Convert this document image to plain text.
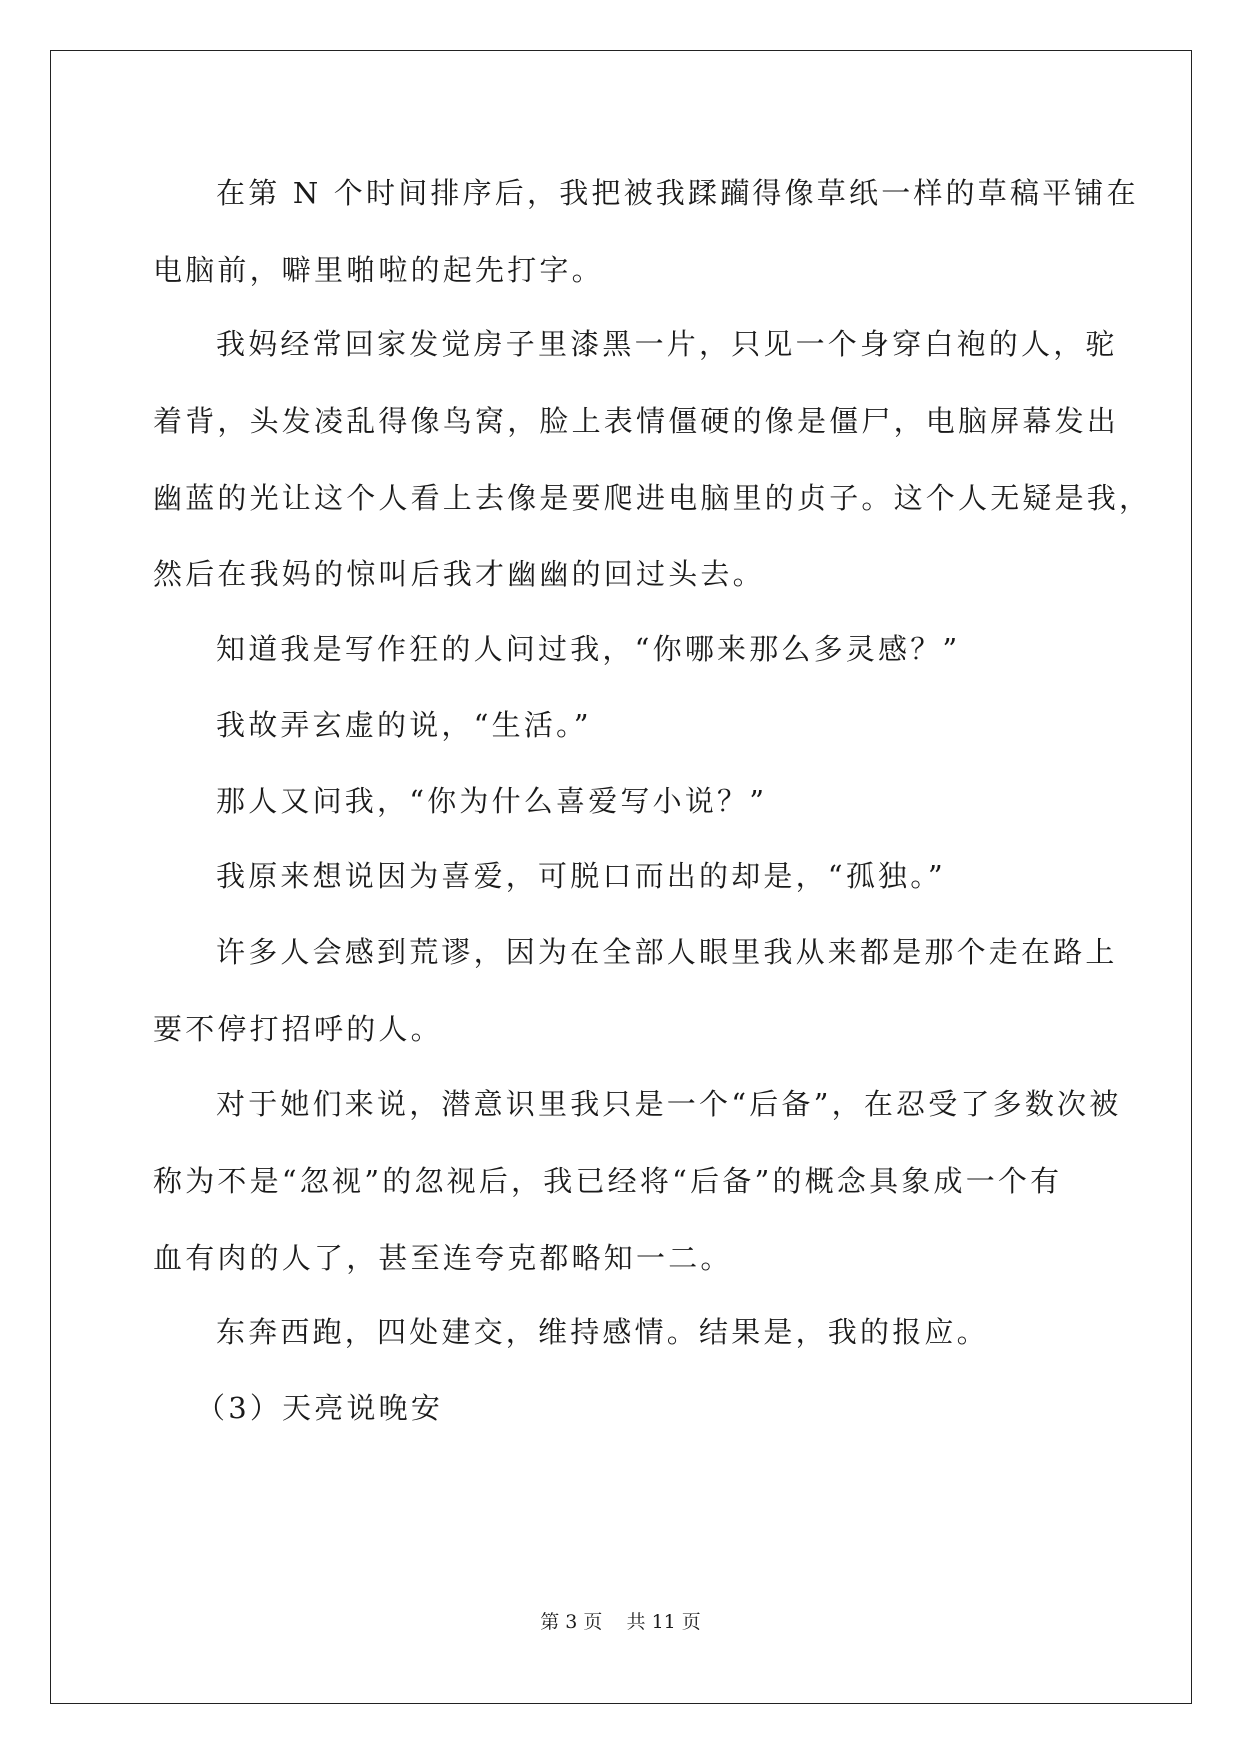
在第 N 个时间排序后，我把被我蹂躏得像草纸一样的草稿平铺在
电脑前，噼里啪啦的起先打字。
我妈经常回家发觉房子里漆黑一片，只见一个身穿白袍的人，驼
着背，头发凌乱得像鸟窝，脸上表情僵硬的像是僵尸，电脑屏幕发出
幽蓝的光让这个人看上去像是要爬进电脑里的贞子。这个人无疑是我，
然后在我妈的惊叫后我才幽幽的回过头去。
知道我是写作狂的人问过我，“你哪来那么多灵感？”
我故弄玄虚的说，“生活。”
那人又问我，“你为什么喜爱写小说？”
我原来想说因为喜爱，可脱口而出的却是，“孤独。”
许多人会感到荒谬，因为在全部人眼里我从来都是那个走在路上
要不停打招呼的人。
对于她们来说，潜意识里我只是一个“后备”，在忍受了多数次被
称为不是“忽视”的忽视后，我已经将“后备”的概念具象成一个有
血有肉的人了，甚至连夸克都略知一二。
东奔西跑，四处建交，维持感情。结果是，我的报应。
（3）天亮说晚安
第 3 页    共 11 页
